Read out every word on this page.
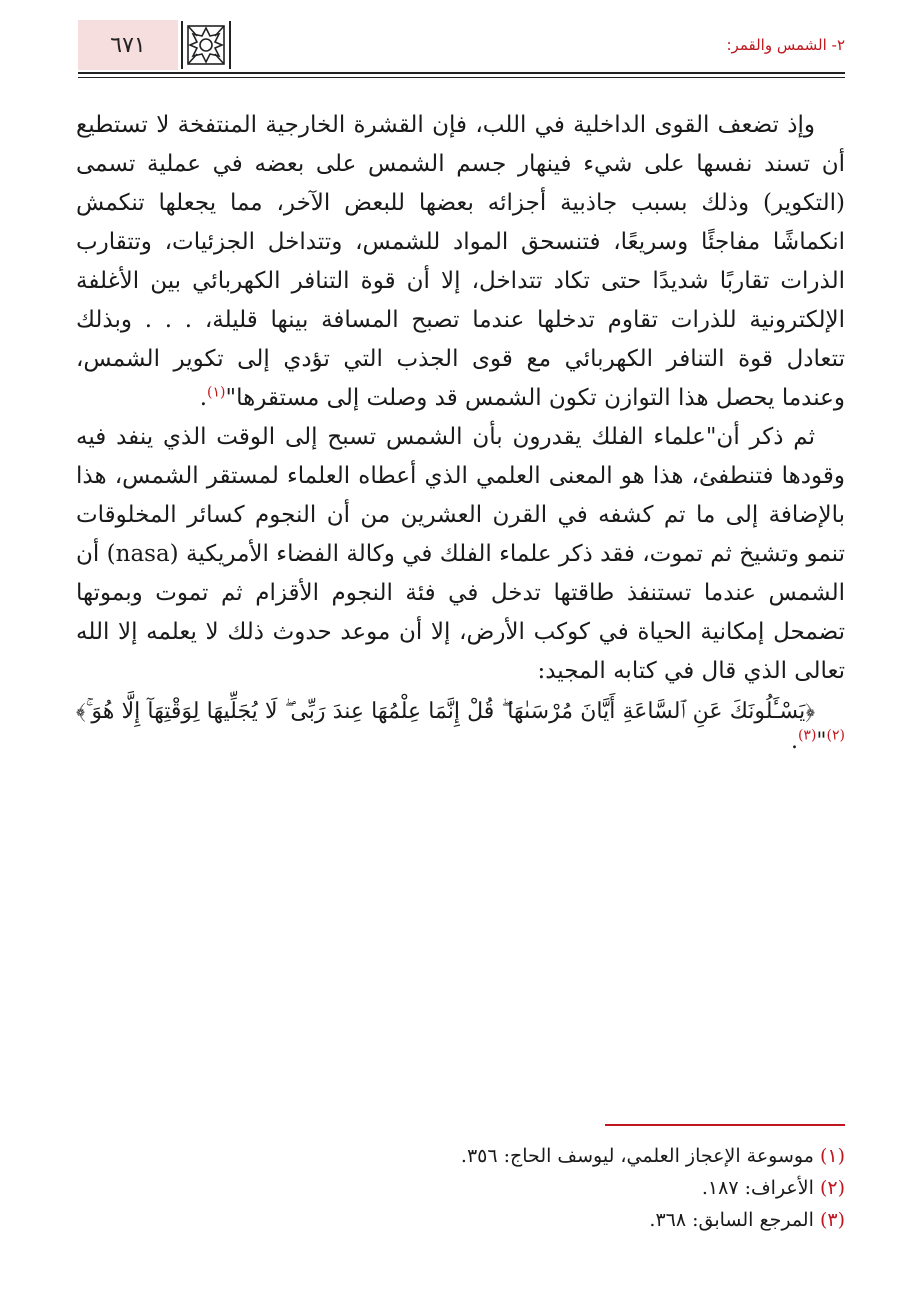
٦٧١	٢- الشمس والقمر:

وإذ تضعف القوى الداخلية في اللب، فإن القشرة الخارجية المنتفخة لا تستطيع أن تسند نفسها على شيء فينهار جسم الشمس على بعضه في عملية تسمى (التكوير) وذلك بسبب جاذبية أجزائه بعضها للبعض الآخر، مما يجعلها تنكمش انكماشًا مفاجئًا وسريعًا، فتنسحق المواد للشمس، وتتداخل الجزئيات، وتتقارب الذرات تقاربًا شديدًا حتى تكاد تتداخل، إلا أن قوة التنافر الكهربائي بين الأغلفة الإلكترونية للذرات تقاوم تدخلها عندما تصبح المسافة بينها قليلة، . . . وبذلك تتعادل قوة التنافر الكهربائي مع قوى الجذب التي تؤدي إلى تكوير الشمس، وعندما يحصل هذا التوازن تكون الشمس قد وصلت إلى مستقرها"$^{(١)}$.

ثم ذكر أن"علماء الفلك يقدرون بأن الشمس تسبح إلى الوقت الذي ينفد فيه وقودها فتنطفئ، هذا هو المعنى العلمي الذي أعطاه العلماء لمستقر الشمس، هذا بالإضافة إلى ما تم كشفه في القرن العشرين من أن النجوم كسائر المخلوقات تنمو وتشيخ ثم تموت، فقد ذكر علماء الفلك في وكالة الفضاء الأمريكية (nasa) أن الشمس عندما تستنفذ طاقتها تدخل في فئة النجوم الأقزام ثم تموت وبموتها تضمحل إمكانية الحياة في كوكب الأرض، إلا أن موعد حدوث ذلك لا يعلمه إلا الله تعالى الذي قال في كتابه المجيد:
﴿يَسْـَٔلُونَكَ عَنِ ٱلسَّاعَةِ أَيَّانَ مُرْسَىٰهَا ۖ قُلْ إِنَّمَا عِلْمُهَا عِندَ رَبِّى ۖ لَا يُجَلِّيهَا لِوَقْتِهَآ إِلَّا هُوَ ۚ﴾$^{(٢)}$"$^{(٣)}$.

(١) موسوعة الإعجاز العلمي، ليوسف الحاج: ٣٥٦.

(٢) الأعراف: ١٨٧.

(٣) المرجع السابق: ٣٦٨.
